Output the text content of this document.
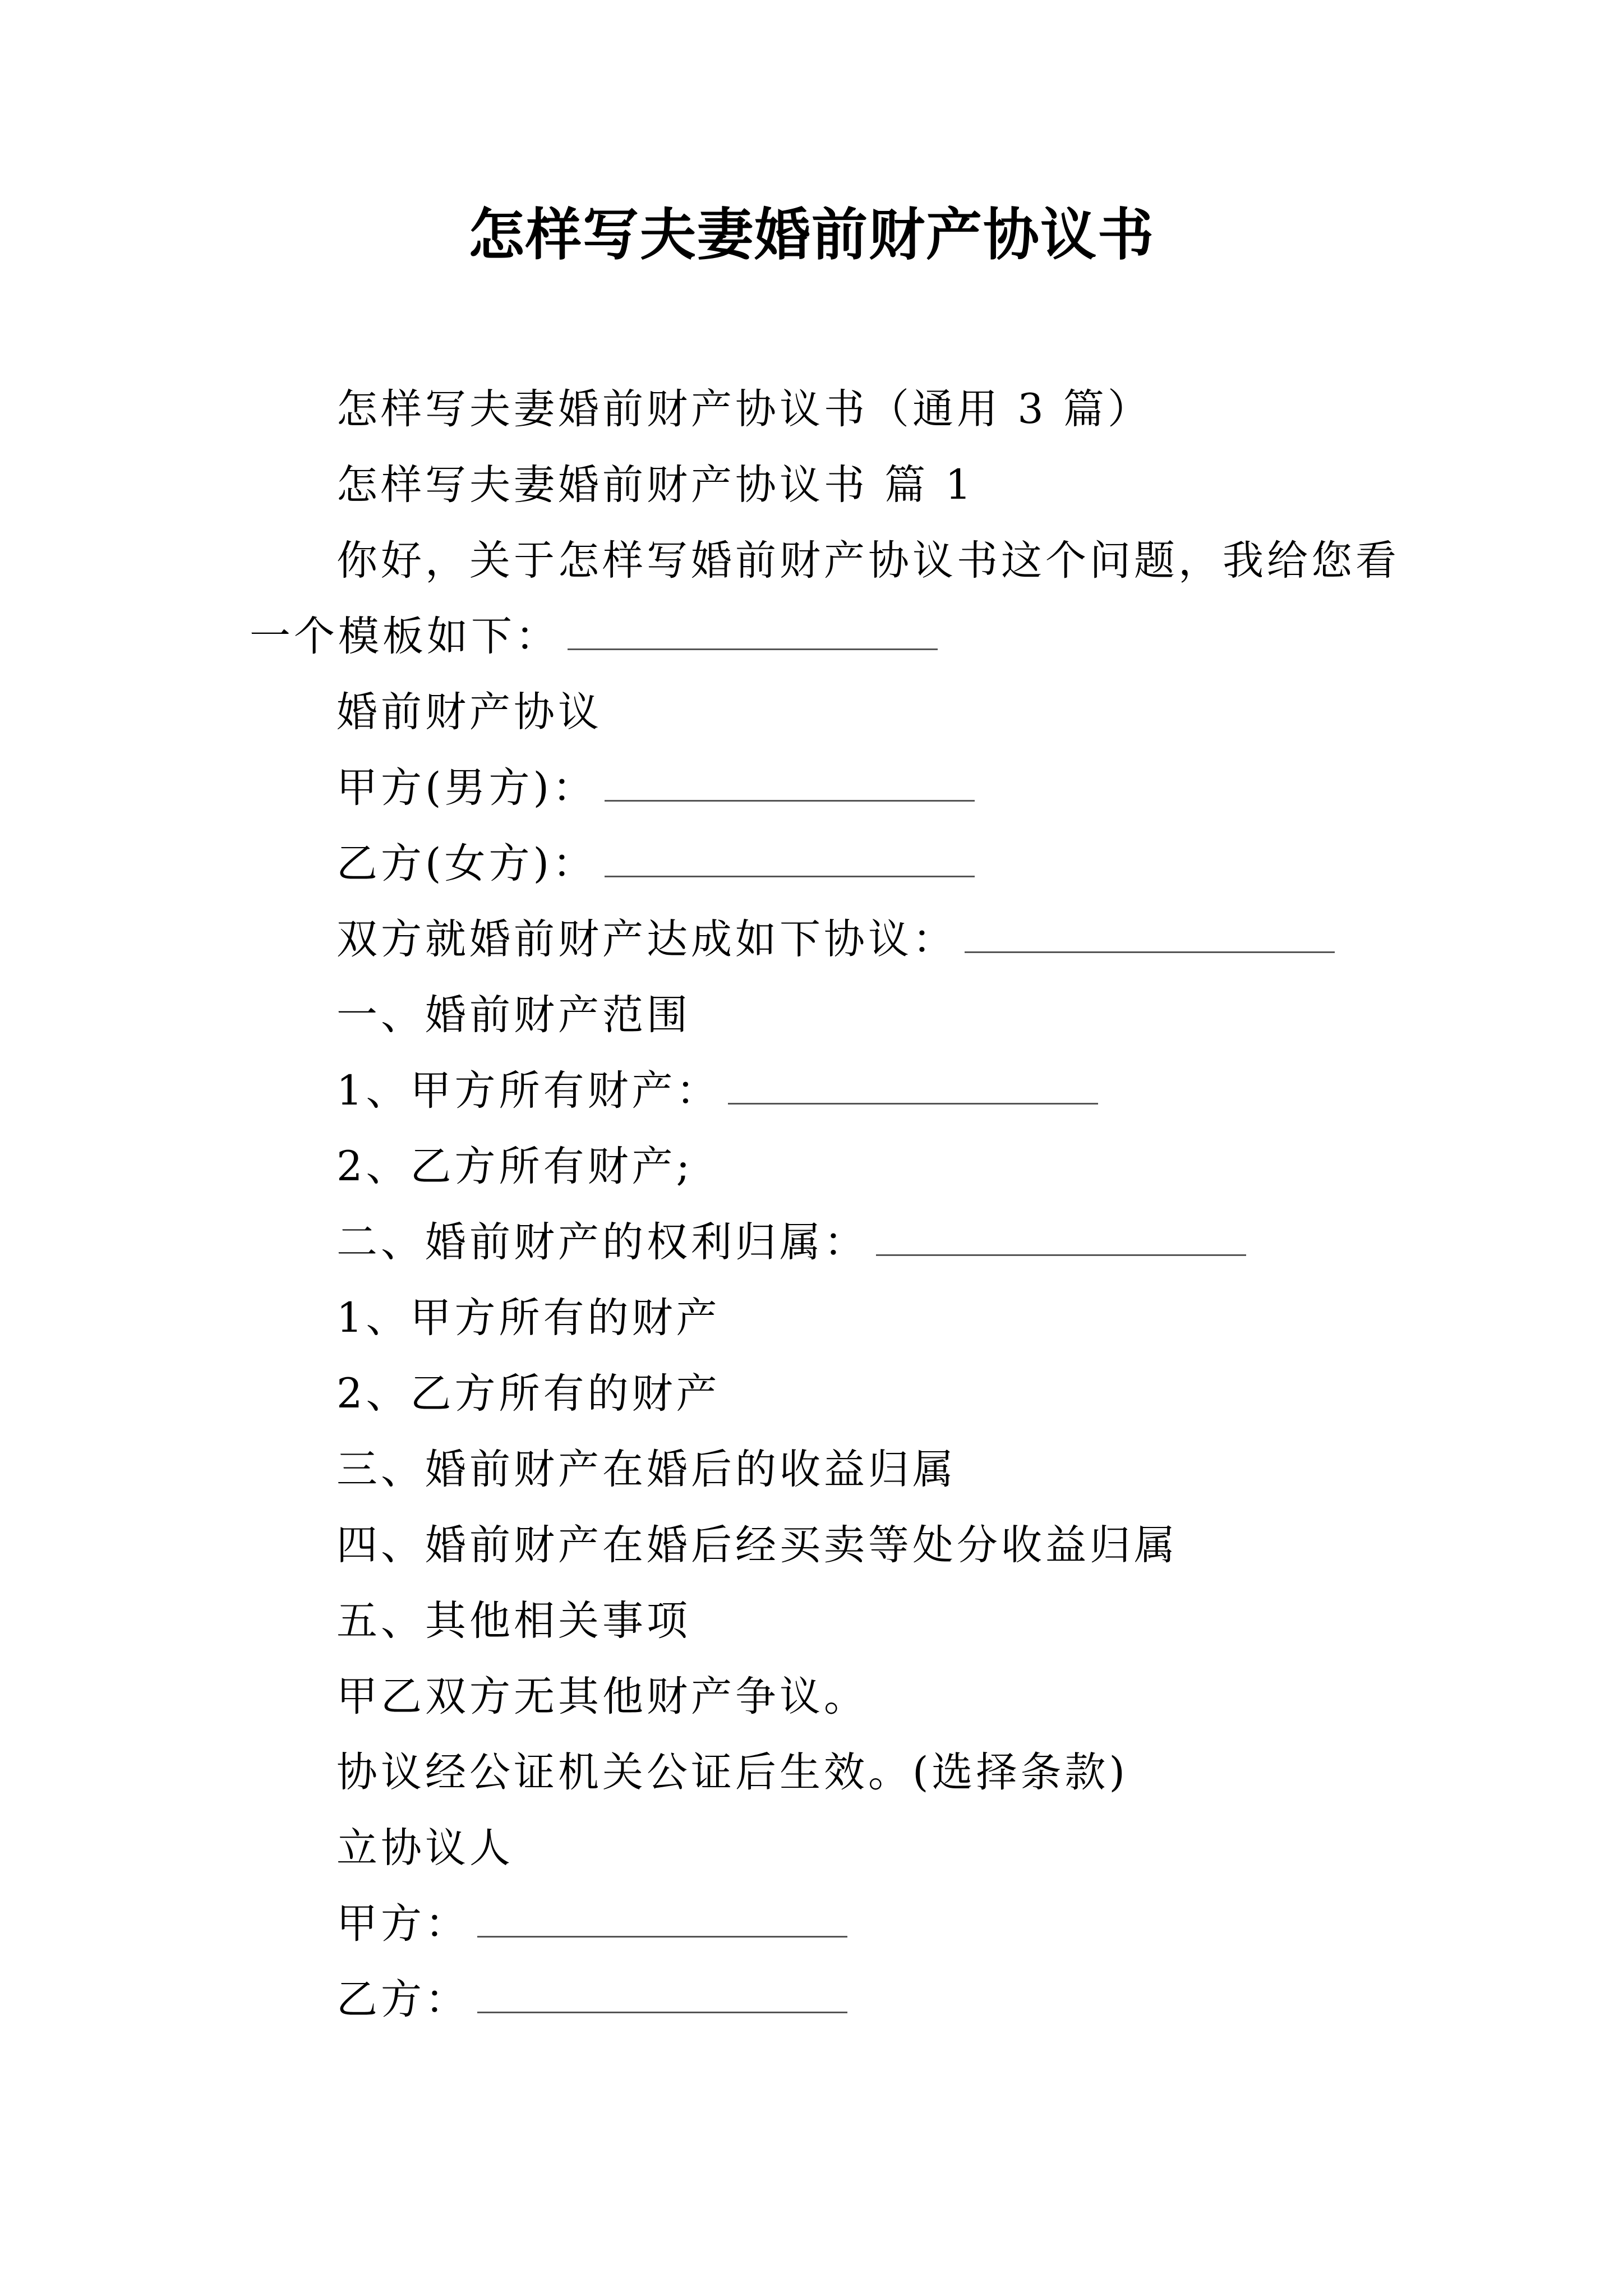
怎样写夫妻婚前财产协议书
怎样写夫妻婚前财产协议书（通用 3 篇）
怎样写夫妻婚前财产协议书 篇 1
你好，关于怎样写婚前财产协议书这个问题，我给您看
一个模板如下：
婚前财产协议
甲方(男方)：
乙方(女方)：
双方就婚前财产达成如下协议：
一、婚前财产范围
1、甲方所有财产：
2、乙方所有财产;
二、婚前财产的权利归属：
1、甲方所有的财产
2、乙方所有的财产
三、婚前财产在婚后的收益归属
四、婚前财产在婚后经买卖等处分收益归属
五、其他相关事项
甲乙双方无其他财产争议。
协议经公证机关公证后生效。(选择条款)
立协议人
甲方：
乙方：
